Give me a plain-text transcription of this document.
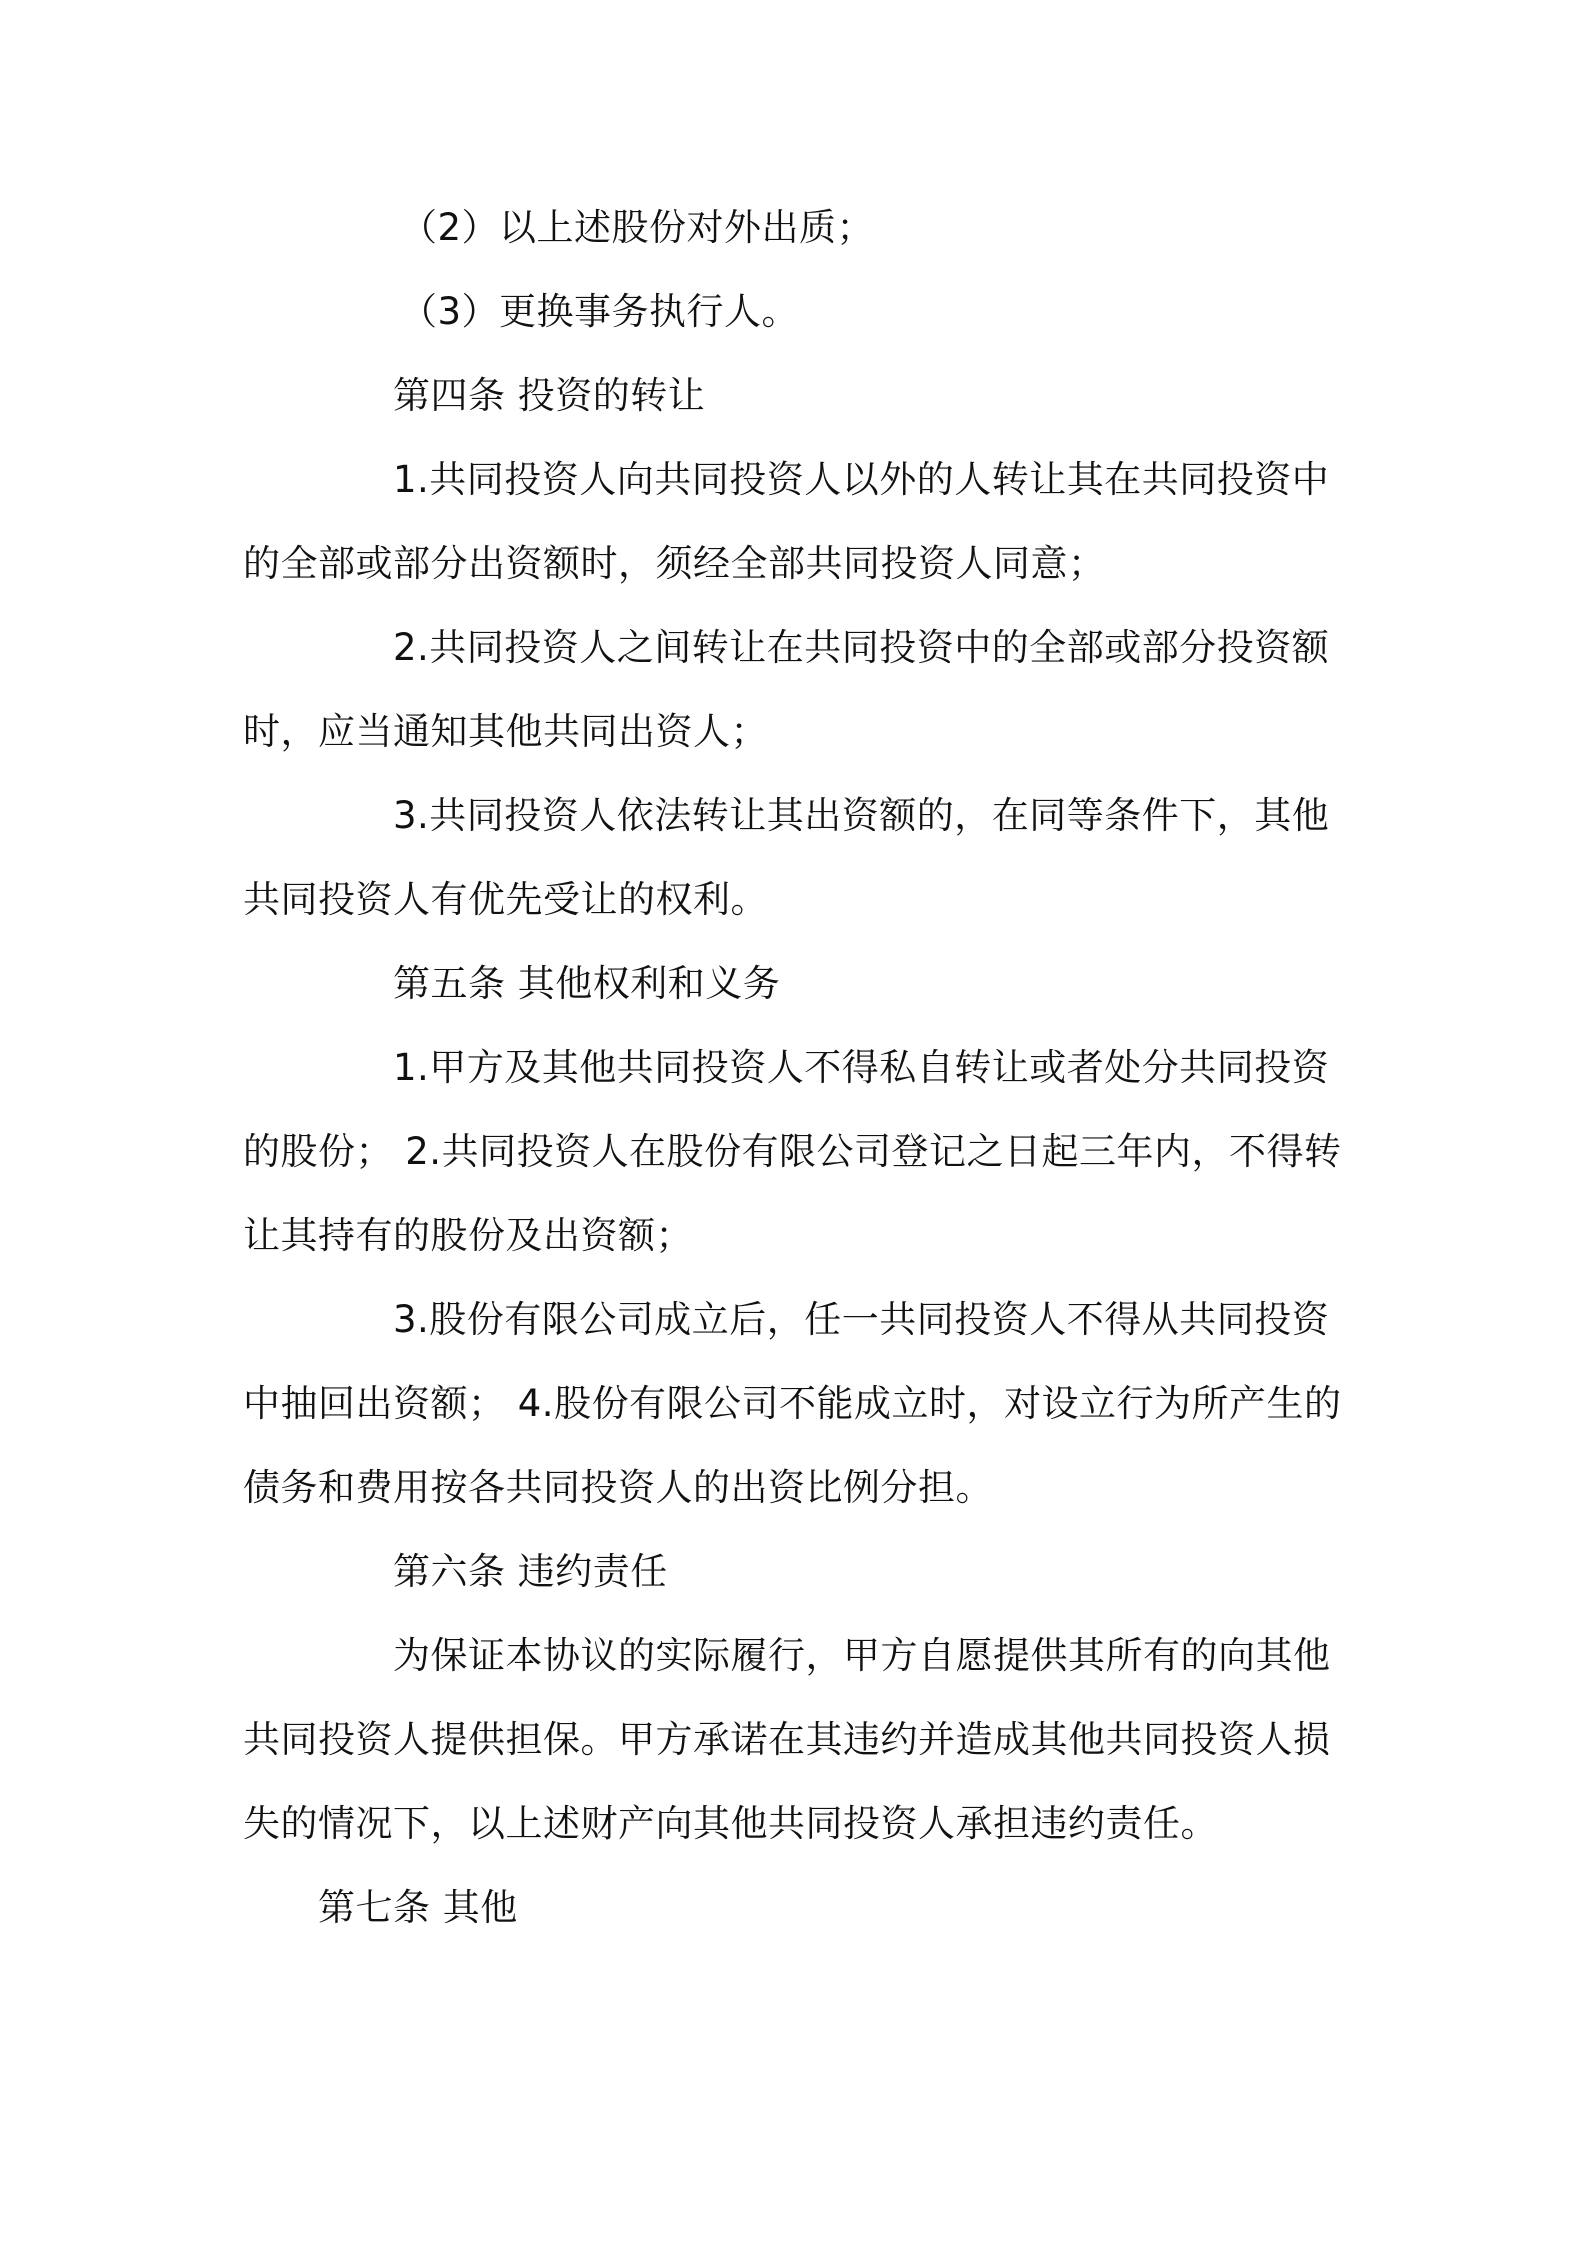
（2）以上述股份对外出质；
（3）更换事务执行人。
第四条 投资的转让
1.共同投资人向共同投资人以外的人转让其在共同投资中
的全部或部分出资额时，须经全部共同投资人同意；
2.共同投资人之间转让在共同投资中的全部或部分投资额
时，应当通知其他共同出资人；
3.共同投资人依法转让其出资额的，在同等条件下，其他
共同投资人有优先受让的权利。
第五条 其他权利和义务
1.甲方及其他共同投资人不得私自转让或者处分共同投资
的股份； 2.共同投资人在股份有限公司登记之日起三年内，不得转
让其持有的股份及出资额；
3.股份有限公司成立后，任一共同投资人不得从共同投资
中抽回出资额； 4.股份有限公司不能成立时，对设立行为所产生的
债务和费用按各共同投资人的出资比例分担。
第六条 违约责任
为保证本协议的实际履行，甲方自愿提供其所有的向其他
共同投资人提供担保。甲方承诺在其违约并造成其他共同投资人损
失的情况下，以上述财产向其他共同投资人承担违约责任。
第七条 其他
